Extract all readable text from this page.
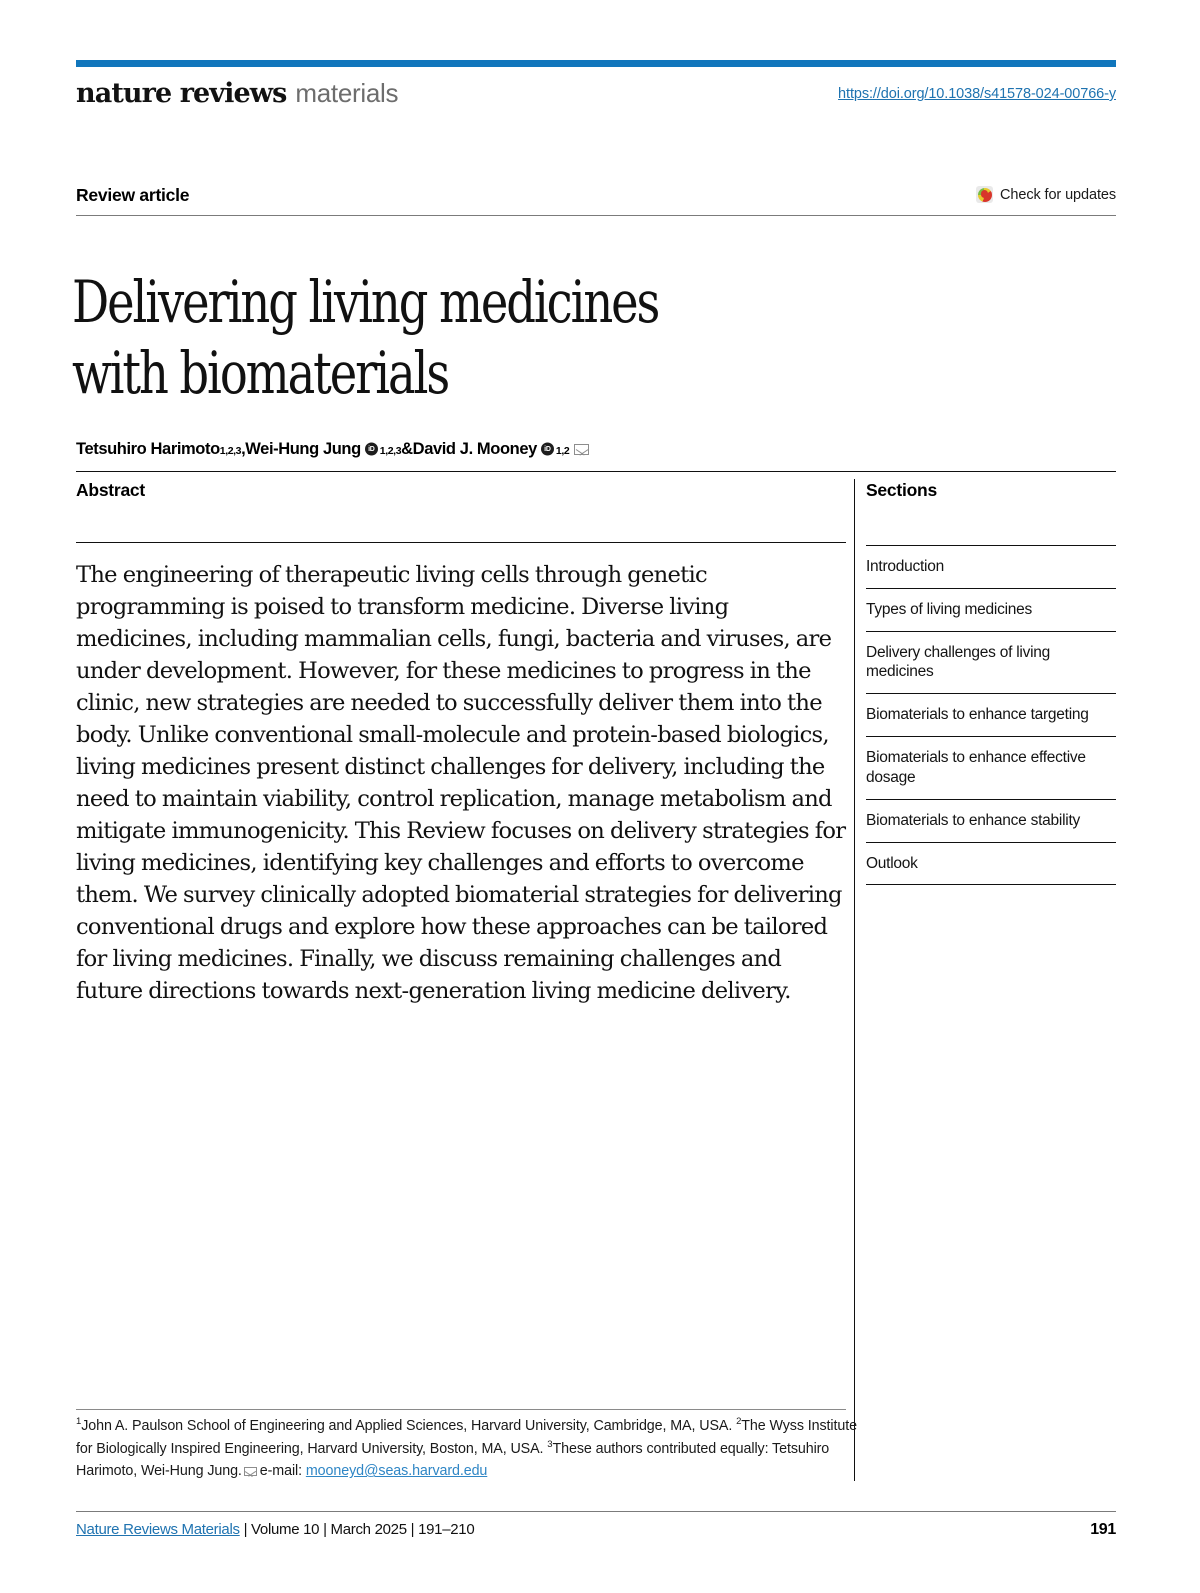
nature reviews materials	https://doi.org/10.1038/s41578-024-00766-y
Review article	Check for updates
Delivering living medicines with biomaterials
Tetsuhiro Harimoto 1,2,3 , Wei-Hung Jung iD 1,2,3 & David J. Mooney iD 1,2
Abstract

The engineering of therapeutic living cells through genetic programming is poised to transform medicine. Diverse living medicines, including mammalian cells, fungi, bacteria and viruses, are under development. However, for these medicines to progress in the clinic, new strategies are needed to successfully deliver them into the body. Unlike conventional small-molecule and protein-based biologics, living medicines present distinct challenges for delivery, including the need to maintain viability, control replication, manage metabolism and mitigate immunogenicity. This Review focuses on delivery strategies for living medicines, identifying key challenges and efforts to overcome them. We survey clinically adopted biomaterial strategies for delivering conventional drugs and explore how these approaches can be tailored for living medicines. Finally, we discuss remaining challenges and future directions towards next-generation living medicine delivery.

Sections
Introduction
Types of living medicines
Delivery challenges of living medicines
Biomaterials to enhance targeting
Biomaterials to enhance effective dosage
Biomaterials to enhance stability
Outlook
$^1$John A. Paulson School of Engineering and Applied Sciences, Harvard University, Cambridge, MA, USA. $^2$The Wyss Institute for Biologically Inspired Engineering, Harvard University, Boston, MA, USA. $^3$These authors contributed equally: Tetsuhiro Harimoto, Wei-Hung Jung. e-mail: mooneyd@seas.harvard.edu
Nature Reviews Materials | Volume 10 | March 2025 | 191–210	191
